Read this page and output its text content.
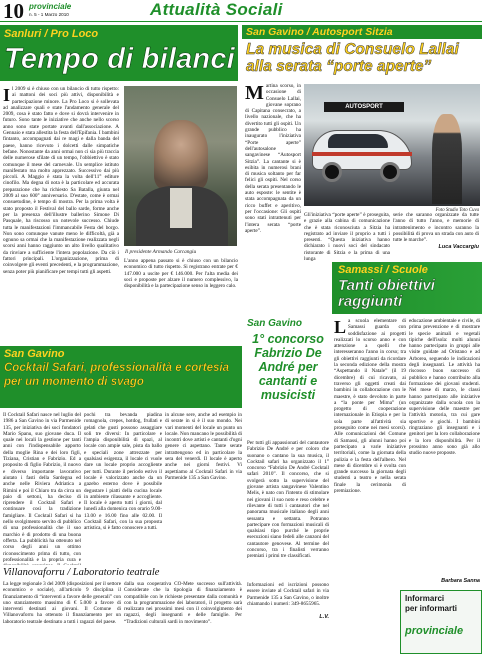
10 provinciale
n. 5 - 1 Marzo 2010	Attualità Sociali
Sanluri / Pro Loco
Tempo di bilanci
Il 2009 si è chiuso con un bilancio di tutto rispetto: ai mattoni dei soci più attivi, disponibilità e partecipazione minore. La Pro Loco si è sollevata ad analizzare quali e state l'andamento generale del 2009, cosa è stato fatto e dove si dovrà intervenire in futuro. Sono tante le iniziative che anche nello scorso anno sono state portate avanti dall'associazione. A Gennaio e stata allestita la festa dell'Epifania. I bambini fintanto, accompagnati dai re magi e dalla banda del paese, hanno ricevuto i dolcetti dalle simpatiche befane. Nonostante da anni ormai non ci sia più traccia delle numerose sfilate di un tempo, l'obbiettivo è stato comunque il mese del carnevale. Un semplice istituto manifestato ma molto apprezzato. Successivo dai più piccoli. A Maggio è stata la volta dell'11° editure cinofilo. Ma degna di nota è la particolare ed accurata preparazione che ha richiesto Sa Batalla, giunta nel 2009 al suo 600° anniversario. D'estate, come è ormai consuetudine, è tempo di mostra. Per la prima volta è stato proposto il Festival del ballo sarde, forme anche per la presenza dell'illustre ballerino Simone Di Pasquale, ha riscosso un notevole successo. Chiude tutta le manifestazioni l'immancabile Festa del borgo. Non sono comunque vanute meno le difficoltà, già a ognuno sa ormai che la manifestazione realizzata negli scorsi anni hanno raggiunto un alto livello qualitativo da rinviare a sufficiente l'intera popolazione. Da ciò i fattori principali. L'organizzazione, prima di coinvolgere gli eventi precedenti, e la programmazione, senza poter più pianificare per tempi tutti gli aspetti.
Il presidente Armando Carcangiu
L'anno appena passato si è chiuso con un bilancio economico di tutto rispetto. Si registrano entrate per € 147.000 a uscite per € 146.000. Per l'alta media dei soci e proposte per alzare il numero complessivo, la disponibilità e la partecipazione senso in leggero calo.
San Gavino / Autosport Sitzia
La musica di Consuelo Lallai alla serata “porte aperte”
Martina scorso, in occasione di Consuelo Lallai, giovane soprano di Capitana consecrato, a livello nazionale, che ha divertito tutti gli ospiti. Un grande pubblico ha inaugurato l'iniziativa “Porte aperte” dell'autosalone sangavinese “Autosport Sitzia”. La cantante si è esibita in numerosi brani di musica soltanto per far felici gli ospiti. Nel corso della serata presentando le auto esposte: le sentite è stata accompagnata da un ricco buffet e aperitivo, per l'occasione: Gli ospiti sono stati intrattenuti per l'intera serata “porte aperte”.
AUTOSPORT
Foto Studio Toto Cuva
Gli'iniziativa “porte aperte” è proseguita, e grazie alla cabina di comunicazione che è stata riconosciuta a Sitzia ha registrato ad inviare il proprio a tutti i presenti. “Questa iniziativa hanno dichiarato i nuovi soci del sindacato ristorante di Sitzia e la prima di una lunga
serie che saranno organizzate da tutte l'anno di tutto l'anno, e memorie di intrattenimento e incontro saranno la possibilità di prova un strada con auto di tutte le marche”.
Luca Vaccargiu
Samassi / Scuole
Tanti obiettivi raggiunti
La scuola elementare di Samassi guarda con soddisfazione ai progetti realizzati lo scorso anno e con attenzione a quelli che interesseranno l'anno in corso; tra gli obiettivi raggiunti da ricordare la seconda edizione della mostra “Aspettando il Natale” (il 19 dicembre) di cui ricavato, ai traverso gli oggetti creati dai bambini in collaborazione con le maestre, è stato devoluto in parte a “la ponte per Mima” (un progetto di cooperazione internazionale in Etiopia e per la sola parte all'attività sia proseguito come nei mesi scorsi). Alle comunicazioni del Comune di Samassi, gli alunni hanno poi partecipato a varie iniziative territoriali, come la giornata della pulizia e la festa dell'albero. Nel mese di dicembre si è svolta con grande successo la giornata degli studenti a teatro e nella serata finale la cerimonia di premiazione.
educazione ambientale e civile, di prima prevenzione e di mostrare le specie animali e vegetali tipiche dell'isola: molti alunni hanno partecipato in gruppi alle visite guidate ad Oristano e ad Arborea, seguendo le indicazioni degli insegnanti. Le attività ha riscosso buon successo di pubblico e hanno contribuito alla formazione dei giovani studenti. Nel mese di marzo, le classi hanno partecipato alle iniziative organizzate dalla scuola con la supervisione delle maestre per l'attività motoria, tra cui gare sportive e giochi. I bambini ringraziano gli insegnanti e i genitori per la loro collaborazione e la loro disponibilità. Per il prossimo anno sono già allo studio nuove proposte.
Barbara Sanna
San Gavino
Cocktail Safari, professionalità e cortesia per un momento di svago
Il Cocktail Safari nasce nel luglio del 1986 a San Gavino in via Parmenide 135, per iniziativa dei soci fondatori Mario Spanu, suo giovane duca. Il quale nei locali la gestione per tanti anni con l'indispensabile apporto della moglie Rina e dei loro figli, Tiziana, Cristian e Fabrizio. Ed a proposito di figlio Fabrizio, il nuovo e diverso importante lavorativo aiutato i fasti della Sardegna ed anche nelle Riviera Adriatica a Rimini e poi il Chiaro tra da circa un paio di settoni, ha deciso di riprendere il Cocktail Safari e continuare così la tradizione famigliare. Il Cocktail Safari si ha nello svolgimento servito di pubblico di una professionalità che il suo marchio è di prodotto di una buona offerta. La pubblicità ha ottenuto nel corso degli anni un ottimo riconoscimento prima di tutto, con professionalità e la propria cura e
pochi tra bevanda piadina romagnola, crepes, hotdog, frullati e gelati che gusti possono assaggiare soli tre diversi: In particolare e l'ampia disponibilità di spazi, al locale con ampie sale, pista da ballo e speciali zone attrezzate per qualsiasi esigenza, il locale ci vuole dare un locale proprio accogliente per tutti. Durante il periodo estivo il locale è valorizzato anche da un gazebo esterno dove è possibile degustare i piatti della cucina locale in ambiente rilassante e accogliente. Il locale è aperto tutti i giorni, dal lunedì alla domenica con orario 9.00-13.00 e 16.00 fino alle 02.00. Il Cocktail Safari, con la sua proposta artistica, si è fatto conoscere a tutti.
in alcune sere, anche ad esempio in di serate in si è il suo mondo. Nei vari momenti del locale un punto un locale. Non mancano le possibilità di incontri dove artisti e cantanti d'ogni genere ci aspettano. Tante serate intrattengono ed in particolare la sera del venerdì. Il locale è aperto anche nei giorni festivi. Vi aspettiamo al Cocktail Safari in via Parmenide 135 a San Gavino.
San Gavino
1° concorso Fabrizio De André per cantanti e musicisti
Per tutti gli appassionati del cantautore Fabrizio De André e per coloro che suonano o cantano la sua musica, il Cocktail safari ha organizzato il 1° concorso “Fabrizio De André Cocktail safari 2010”. Il concorso, che si svolgerà sotto la supervisione del giovane artista sangavinese Valentino Melis, è nato con l'intento di stimolare nei giovani il suo noto e reso celebre e rilevante di tutti i cantautori che nel panorama musicale italiano degli anni sessanta e settanta. Potranno partecipare con formazioni musicali di qualsiasi tipo purché le proprie esecuzioni siano fedeli alle canzoni del cantautore genovese. Al termine del concorso, tra i finalisti verranno premiati i primi tre classificati.
Informazioni ed iscrizioni possono essere inviate al Cocktail safari in via Parmenide 135 a San Gavino, o inoltre chiamando i numeri: 349-8655965.
L.V.
Villanovaforru / Laboratorio teatrale
La legge regionale 3 del 2009 (disposizioni per il settore economico e sociale), all'articolo 9 disciplina il finanziamento di “interventi a favore delle generali” con uno stanziamento massimo di € 5.000 a favore di interventi destinati ai giovani. Il Comune di Villanovaforru ha ottenuto il finanziamento per un laboratorio teatrale destinato a tutti i ragazzi del paese.
dalla sua cooperativa CO-Mete successo sull'attività. Considerate che la tipologia di finanziamento è compatibile con le richieste presentate dalla comunità e con la programmazione dei laboratori, il progetto sarà realizzato nei prossimi mesi con il coinvolgimento dei ragazzi, degli insegnanti e delle famiglie. Per “Tradizioni culturali sardi in movimento”.
Informarci
per informarti
provinciale
